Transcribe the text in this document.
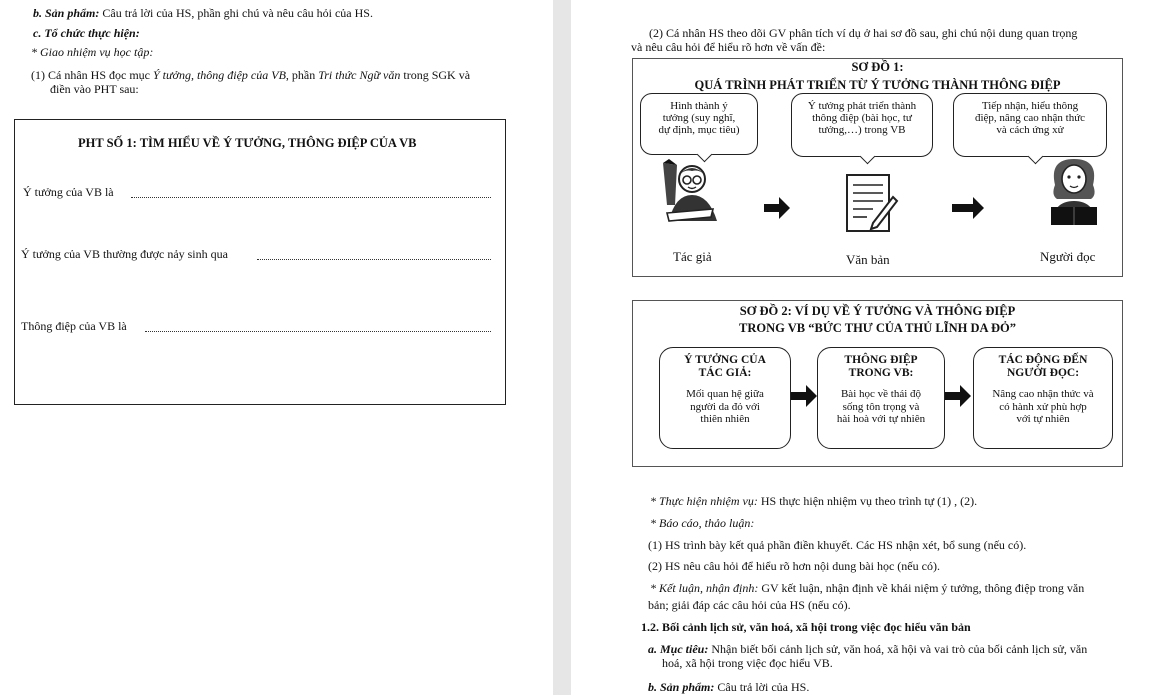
b. Sản phẩm: Câu trả lời của HS, phần ghi chú và nêu câu hỏi của HS.
c. Tổ chức thực hiện:
* Giao nhiệm vụ học tập:
(1) Cá nhân HS đọc mục Ý tưởng, thông điệp của VB, phần Tri thức Ngữ văn trong SGK và
điền vào PHT sau:
PHT SỐ 1: TÌM HIỂU VỀ Ý TƯỞNG, THÔNG ĐIỆP CỦA VB
Ý tưởng của VB là
Ý tưởng của VB thường được nảy sinh qua
Thông điệp của VB là
(2) Cá nhân HS theo dõi GV phân tích ví dụ ở hai sơ đồ sau, ghi chú nội dung quan trọng
và nêu câu hỏi để hiểu rõ hơn về vấn đề:
SƠ ĐỒ 1:
QUÁ TRÌNH PHÁT TRIỂN TỪ Ý TƯỞNG THÀNH THÔNG ĐIỆP
Hình thành ý
tưởng (suy nghĩ,
dự định, mục tiêu)
Ý tưởng phát triển thành
thông điệp (bài học, tư
tưởng,…) trong VB
Tiếp nhận, hiểu thông
điệp, nâng cao nhận thức
và cách ứng xử
Tác giả	Văn bản	Người đọc
SƠ ĐỒ 2: VÍ DỤ VỀ Ý TƯỞNG VÀ THÔNG ĐIỆP
TRONG VB “BỨC THƯ CỦA THỦ LĨNH DA ĐỎ”
Ý TƯỞNG CỦA
TÁC GIẢ:
Mối quan hệ giữa
người da đỏ với
thiên nhiên
THÔNG ĐIỆP
TRONG VB:
Bài học về thái độ
sống tôn trọng và
hài hoà với tự nhiên
TÁC ĐỘNG ĐẾN
NGƯỜI ĐỌC:
Nâng cao nhận thức và
có hành xử phù hợp
với tự nhiên
* Thực hiện nhiệm vụ: HS thực hiện nhiệm vụ theo trình tự (1) , (2).
* Báo cáo, thảo luận:
(1) HS trình bày kết quả phần điền khuyết. Các HS nhận xét, bổ sung (nếu có).
(2) HS nêu câu hỏi để hiểu rõ hơn nội dung bài học (nếu có).
* Kết luận, nhận định: GV kết luận, nhận định về khái niệm ý tưởng, thông điệp trong văn
bản; giải đáp các câu hỏi của HS (nếu có).
1.2. Bối cảnh lịch sử, văn hoá, xã hội trong việc đọc hiểu văn bản
a. Mục tiêu: Nhận biết bối cảnh lịch sử, văn hoá, xã hội và vai trò của bối cảnh lịch sử, văn
hoá, xã hội trong việc đọc hiểu VB.
b. Sản phẩm: Câu trả lời của HS.
